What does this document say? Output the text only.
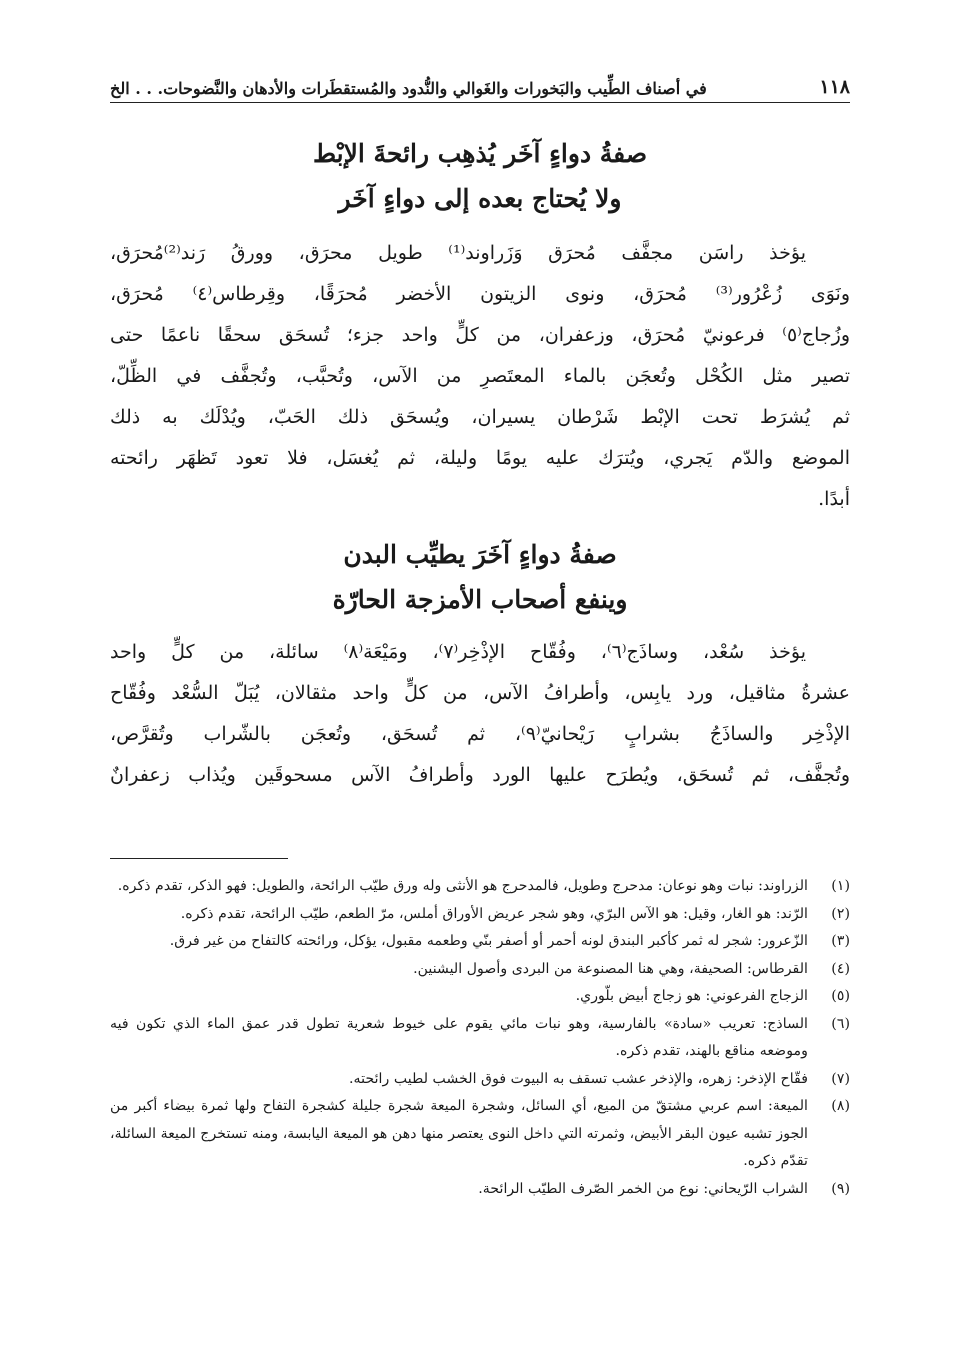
١١٨
في أصناف الطِّيب والبَخورات والغَوالي والنُّدود والمُستقطَرات والأدهان والنَّضوحات. . . الخ

صفةُ دواءٍ آخَر يُذهِب رائحةَ الإبْط

ولا يُحتاج بعده إلى دواءٍ آخَر

يؤخذ راسَن مجفَّف مُحرَق وَزَراوند⁽¹⁾ طويل محرَق، وورقُ رَند⁽²⁾مُحرَق،
ونَوَى زُعْرُور⁽³⁾ مُحرَق، ونوى الزيتون الأخضر مُحرَقًا، وقِرطاس⁽٤⁾ مُحرَق،
وزُجاج⁽٥⁾ فرعونيّ مُحرَق، وزعفران، من كلٍّ واحد جزء؛ تُسحَق سحقًا ناعمًا حتى
تصير مثل الكُحْل وتُعجَن بالماء المعتَصرِ من الآس، وتُحبَّب، وتُجفَّف في الظِّلّ،
ثم يُشرَط تحت الإبْط شَرْطان يسيران، ويُسحَق ذلك الحَبّ، ويُدْلَك به ذلك
الموضع والدّم يَجري، ويُترَك عليه يومًا وليلة، ثم يُغسَل، فلا تعود تَظهَر رائحته
أبدًا.

صفةُ دواءٍ آخَرَ يطيِّب البدن

وينفع أصحاب الأمزجة الحارّة

يؤخذ سُعْد، وساذَج⁽٦⁾، وفُقّاح الإذْخِر⁽٧⁾، ومَيْعَة⁽٨⁾ سائلة، من كلٍّ واحد
عشرةُ مثاقيل، ورد يابِس، وأطرافُ الآس، من كلٍّ واحد مثقالان، يُبَلّ السُّعْد وفُقّاح
الإذْخِر والساذَجُ بشرابٍ رَيْحانيّ⁽٩⁾، ثم تُسحَق، وتُعجَن بالشّراب وتُقرَّص،
وتُجفَّف، ثم تُسحَق، ويُطرَح عليها الورد وأطرافُ الآس مسحوقَين ويُذاب زعفرانٌ
(١)
الزراوند: نبات وهو نوعان: مدحرج وطويل، فالمدحرج هو الأنثى وله ورق طيّب الرائحة، والطويل: فهو الذكر، تقدم ذكره.
(٢)
الرّند: هو الغار، وقيل: هو الآس البرّي، وهو شجر عريض الأوراق أملس، مرّ الطعم، طيّب الرائحة، تقدم ذكره.
(٣)
الزّعرور: شجر له ثمر كأكبر البندق لونه أحمر أو أصفر بنّي وطعمه مقبول، يؤكل، ورائحته كالتفاح من غير فرق.
(٤)
القرطاس: الصحيفة، وهي هنا المصنوعة من البردى وأصول اليشنين.
(٥)
الزجاج الفرعوني: هو زجاج أبيض بلّوري.
(٦)
الساذج: تعريب «سادة» بالفارسية، وهو نبات مائي يقوم على خيوط شعرية تطول قدر عمق الماء الذي تكون فيه وموضعه مناقع بالهند، تقدم ذكره.
(٧)
فقّاح الإذخر: زهره، والإذخر عشب تسقف به البيوت فوق الخشب لطيب رائحته.
(٨)
الميعة: اسم عربي مشتقّ من الميع، أي السائل، وشجرة الميعة شجرة جليلة كشجرة التفاح ولها ثمرة بيضاء أكبر من الجوز تشبه عيون البقر الأبيض، وثمرته التي داخل النوى يعتصر منها دهن هو الميعة اليابسة، ومنه تستخرج الميعة السائلة، تقدّم ذكره.
(٩)
الشراب الرّيحاني: نوع من الخمر الصّرف الطيّب الرائحة.
